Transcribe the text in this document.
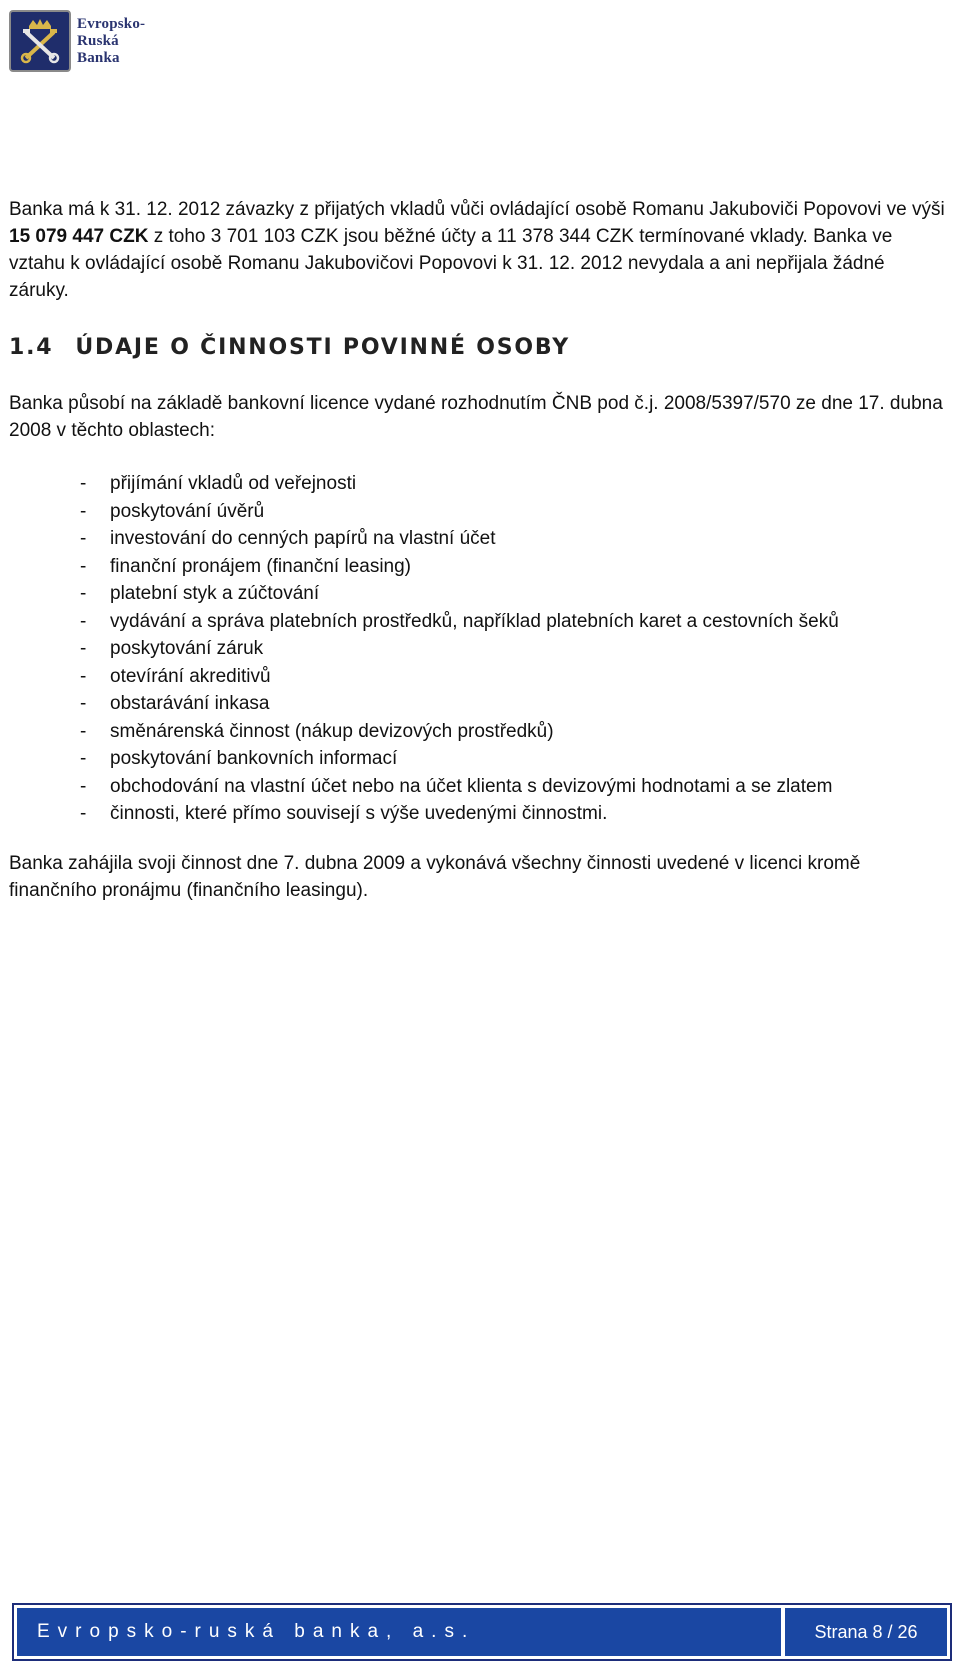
Evropsko-
Ruská
Banka

Banka má k 31. 12. 2012 závazky z přijatých vkladů vůči ovládající osobě Romanu Jakuboviči Popovovi ve výši 15 079 447 CZK z toho 3 701 103 CZK jsou běžné účty a 11 378 344 CZK termínované vklady. Banka ve vztahu k ovládající osobě Romanu Jakubovičovi Popovovi k 31. 12. 2012 nevydala a ani nepřijala žádné záruky.

1.4 ÚDAJE O ČINNOSTI POVINNÉ OSOBY

Banka působí na základě bankovní licence vydané rozhodnutím ČNB pod č.j. 2008/5397/570 ze dne 17. dubna 2008 v těchto oblastech:

-	přijímání vkladů od veřejnosti
-	poskytování úvěrů
-	investování do cenných papírů na vlastní účet
-	finanční pronájem (finanční leasing)
-	platební styk a zúčtování
-	vydávání a správa platebních prostředků, například platebních karet a cestovních šeků
-	poskytování záruk
-	otevírání akreditivů
-	obstarávání inkasa
-	směnárenská činnost (nákup devizových prostředků)
-	poskytování bankovních informací
-	obchodování na vlastní účet nebo na účet klienta s devizovými hodnotami a se zlatem
-	činnosti, které přímo souvisejí s výše uvedenými činnostmi.

Banka zahájila svoji činnost dne 7. dubna 2009 a vykonává všechny činnosti uvedené v licenci kromě finančního pronájmu (finančního leasingu).

Evropsko-ruská banka, a.s.	Strana 8 / 26
